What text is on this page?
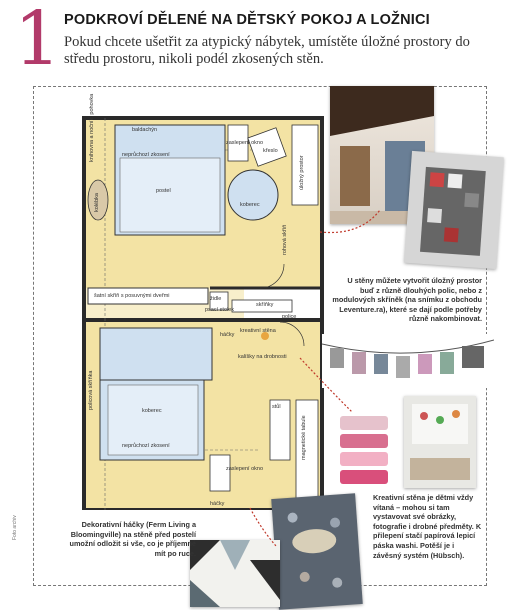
1 PODKROVÍ DĚLENÉ NA DĚTSKÝ POKOJ A LOŽNICI
Pokud chcete ušetřit za atypický nábytek, umístěte úložné prostory do středu prostoru, nikoli podél zkosených stěn.
baldachýn
knihovna a nočník, pohovka	neprůchozí zkosení
postel
zaslepení okno
křeslo
koberec
úložný prostor
kolébka
rohová skříň
šatní skříň s posuvnými dveřmi	židle
psací stolek
skříňky
police
háčky
kreativní stěna
kalíšky na drobnosti
policová skříňka
koberec
stůl
magnetické tabule
neprůchozí zkosení
zaslepení okno
háčky
U stěny můžete vytvořit úložný prostor buď z různě dlouhých polic, nebo z modulových skříněk (na snímku z obchodu Leventure.ra), které se dají podle potřeby různě nakombinovat.
Kreativní stěna je dětmi vždy vítaná – mohou si tam vystavovat své obrázky, fotografie i drobné předměty. K přilepení stačí papírová lepicí páska washi. Potěší je i závěsný systém (Hübsch).
Dekorativní háčky (Ferm Living a Bloomingville) na stěně před postelí umožní odložit si vše, co je příjemné mít po ruce.
Foto archiv
